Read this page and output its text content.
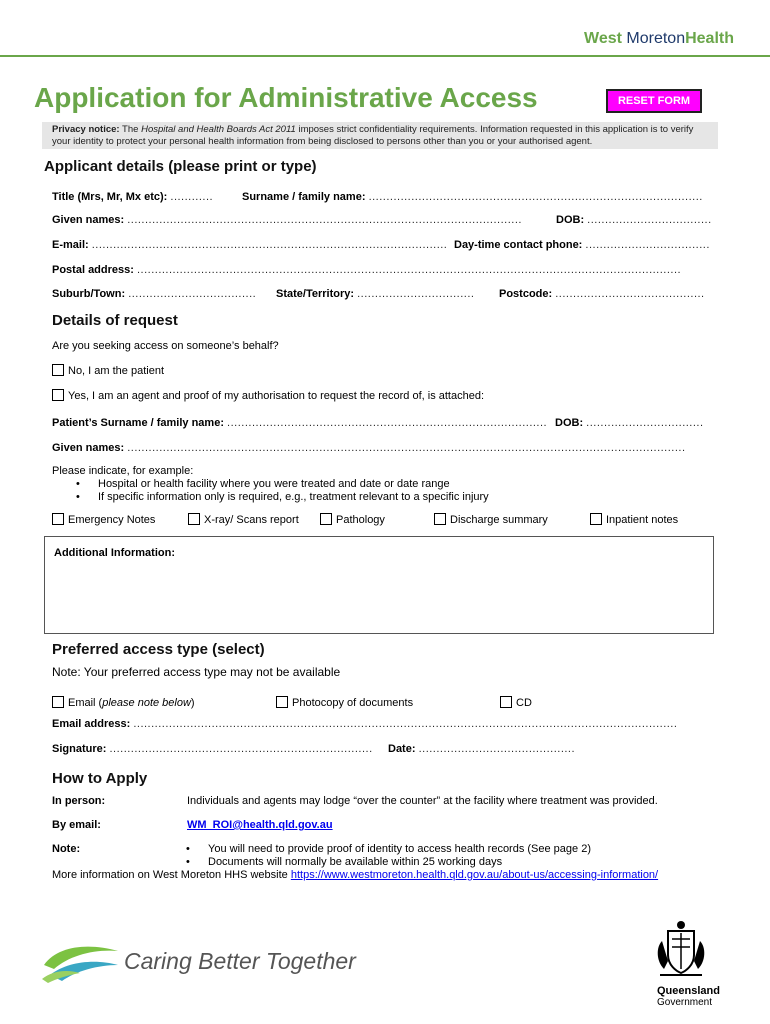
West MoretonHealth
Application for Administrative Access	RESET FORM
Privacy notice: The Hospital and Health Boards Act 2011 imposes strict confidentiality requirements. Information requested in this application is to verify your identity to protect your personal health information from being disclosed to persons other than you or your authorised agent.
Applicant details (please print or type)
Title (Mrs, Mr, Mx etc): ............	Surname / family name: ..............................................................................................
Given names: ...............................................................................................................	DOB: ...................................
E-mail: .................................................................................................... Day-time contact phone: ...................................
Postal address: .........................................................................................................................................................
Suburb/Town: .................................... State/Territory: ................................. Postcode: ..........................................
Details of request
Are you seeking access on someone’s behalf?
No, I am the patient
Yes, I am an agent and proof of my authorisation to request the record of, is attached:
Patient’s Surname / family name: .......................................................................................... DOB: .................................
Given names: .............................................................................................................................................................
Please indicate, for example:
• Hospital or health facility where you were treated and date or date range
• If specific information only is required, e.g., treatment relevant to a specific injury
Emergency Notes	X-ray/ Scans report	Pathology	Discharge summary	Inpatient notes
Additional Information:
Preferred access type (select)
Note: Your preferred access type may not be available
Email (please note below)	Photocopy of documents	CD
Email address: .........................................................................................................................................................
Signature: .......................................................................... Date: ............................................
How to Apply
In person:	Individuals and agents may lodge “over the counter” at the facility where treatment was provided.
By email:	WM_ROI@health.qld.gov.au
Note:
•	You will need to provide proof of identity to access health records (See page 2)
• Documents will normally be available within 25 working days
More information on West Moreton HHS website https://www.westmoreton.health.qld.gov.au/about-us/accessing-information/
Caring Better Together
Queensland
Government
